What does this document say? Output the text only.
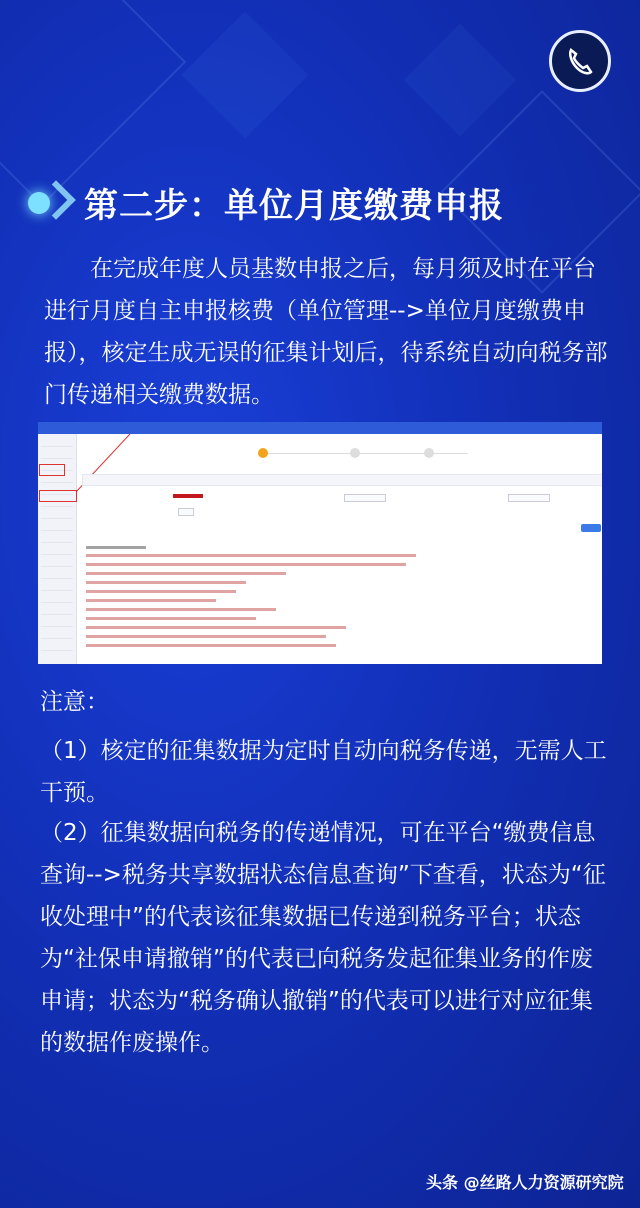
第二步：单位月度缴费申报
在完成年度人员基数申报之后，每月须及时在平台进行月度自主申报核费（单位管理-->单位月度缴费申报），核定生成无误的征集计划后，待系统自动向税务部门传递相关缴费数据。
注意：
（1）核定的征集数据为定时自动向税务传递，无需人工干预。
（2）征集数据向税务的传递情况，可在平台“缴费信息查询-->税务共享数据状态信息查询”下查看，状态为“征收处理中”的代表该征集数据已传递到税务平台；状态为“社保申请撤销”的代表已向税务发起征集业务的作废申请；状态为“税务确认撤销”的代表可以进行对应征集的数据作废操作。
头条 @丝路人力资源研究院
